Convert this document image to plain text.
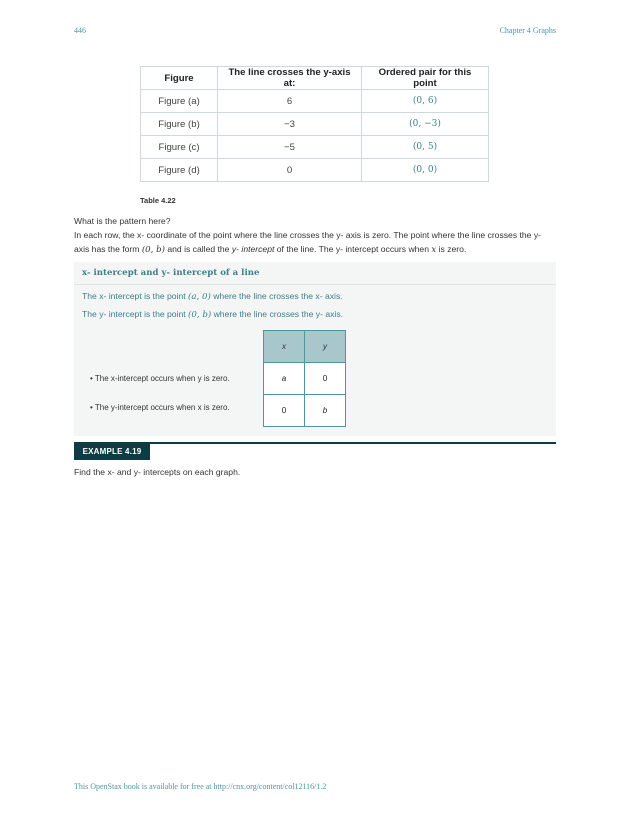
446	Chapter 4 Graphs
Figure	The line crosses the y-axis at:	Ordered pair for this point
Figure (a)	6	(0, 6)
Figure (b)	−3	(0, −3)
Figure (c)	−5	(0, 5)
Figure (d)	0	(0, 0)
Table 4.22
What is the pattern here?
In each row, the x- coordinate of the point where the line crosses the y- axis is zero. The point where the line crosses the y- axis has the form (0, b) and is called the y- intercept of the line. The y- intercept occurs when x is zero.
x- intercept and y- intercept of a line
The x- intercept is the point (a, 0) where the line crosses the x- axis.
The y- intercept is the point (0, b) where the line crosses the y- axis.
• The x-intercept occurs when y is zero.
• The y-intercept occurs when x is zero.
x	y
a	0
0	b
EXAMPLE 4.19
Find the x- and y- intercepts on each graph.
This OpenStax book is available for free at http://cnx.org/content/col12116/1.2
